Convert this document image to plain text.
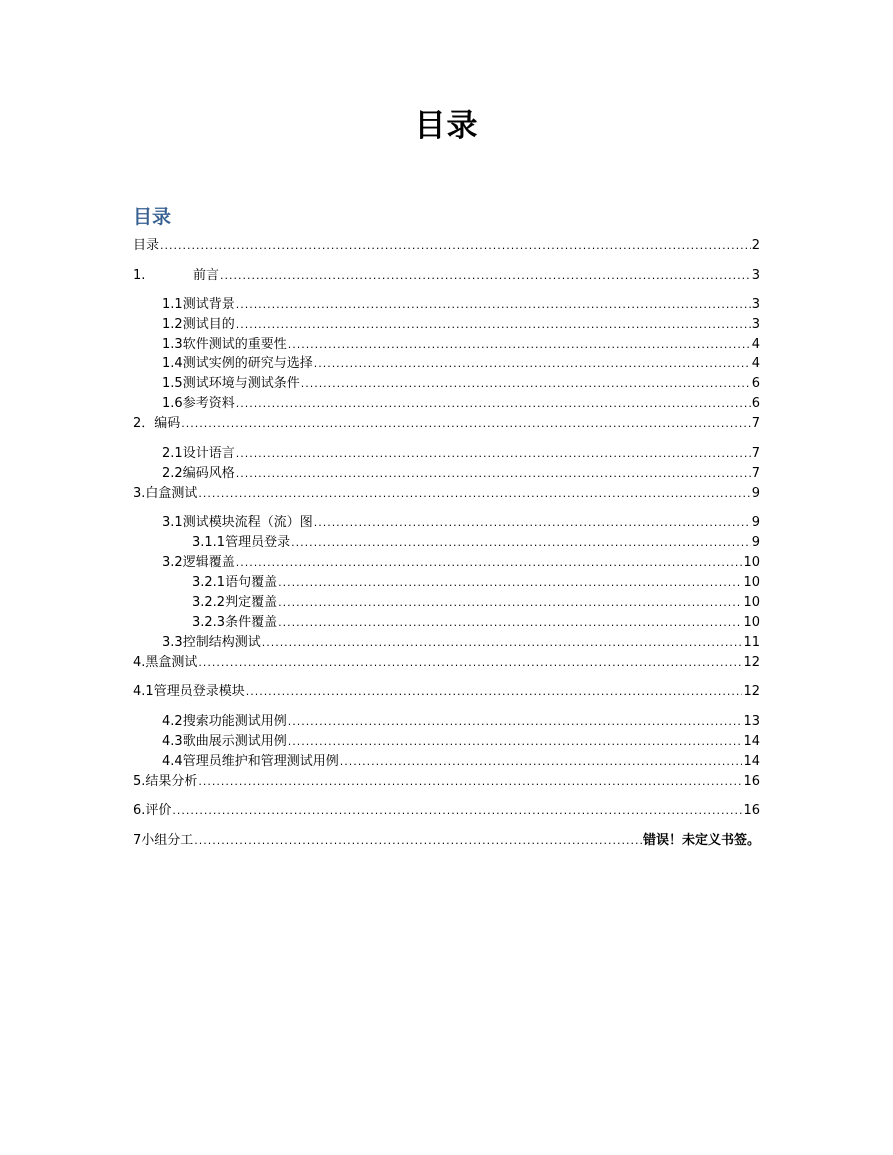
目录
目录
目录 .....	2
1.	前言 .....	3
1.1 测试背景 .....	3
1.2 测试目的 .....	3
1.3 软件测试的重要性 .....	4
1.4 测试实例的研究与选择 .....	4
1.5 测试环境与测试条件 .....	6
1.6 参考资料 .....	6
2． 编码 .....	7
2.1 设计语言 .....	7
2.2 编码风格 .....	7
3. 白盒测试 .....	9
3.1 测试模块流程（流）图 .....	9
3.1.1 管理员登录 .....	9
3.2 逻辑覆盖 .....	10
3.2.1 语句覆盖 .....	10
3.2.2 判定覆盖 .....	10
3.2.3 条件覆盖 .....	10
3.3 控制结构测试 .....	11
4. 黑盒测试 .....	12
4.1 管理员登录模块 .....	12
4.2 搜索功能测试用例 .....	13
4.3 歌曲展示测试用例 .....	14
4.4 管理员维护和管理测试用例 .....	14
5. 结果分析 .....	16
6. 评价 .....	16
7 小组分工 .....	错误！未定义书签。
